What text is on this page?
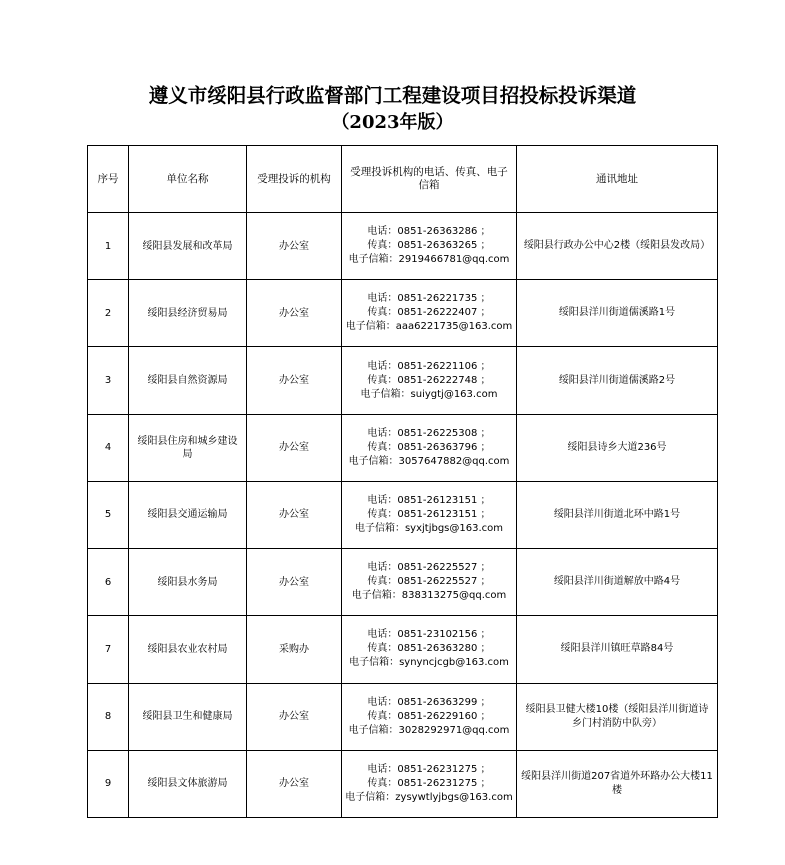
遵义市绥阳县行政监督部门工程建设项目招投标投诉渠道
（2023年版）
序号	单位名称	受理投诉的机构	受理投诉机构的电话、传真、电子信箱	通讯地址
1	绥阳县发展和改革局	办公室	电话：0851-26363286 ；
传真：0851-26363265 ；
电子信箱：2919466781@qq.com	绥阳县行政办公中心2楼（绥阳县发改局）
2	绥阳县经济贸易局	办公室	电话：0851-26221735 ；
传真：0851-26222407 ；
电子信箱：aaa6221735@163.com	绥阳县洋川街道儒溪路1号
3	绥阳县自然资源局	办公室	电话：0851-26221106 ；
传真：0851-26222748 ；
电子信箱：suiygtj@163.com	绥阳县洋川街道儒溪路2号
4	绥阳县住房和城乡建设局	办公室	电话：0851-26225308 ；
传真：0851-26363796 ；
电子信箱：3057647882@qq.com	绥阳县诗乡大道236号
5	绥阳县交通运输局	办公室	电话：0851-26123151 ；
传真：0851-26123151 ；
电子信箱：syxjtjbgs@163.com	绥阳县洋川街道北环中路1号
6	绥阳县水务局	办公室	电话：0851-26225527 ；
传真：0851-26225527 ；
电子信箱：838313275@qq.com	绥阳县洋川街道解放中路4号
7	绥阳县农业农村局	采购办	电话：0851-23102156 ；
传真：0851-26363280 ；
电子信箱：synyncjcgb@163.com	绥阳县洋川镇旺草路84号
8	绥阳县卫生和健康局	办公室	电话：0851-26363299 ；
传真：0851-26229160 ；
电子信箱：3028292971@qq.com	绥阳县卫健大楼10楼（绥阳县洋川街道诗乡门村消防中队旁）
9	绥阳县文体旅游局	办公室	电话：0851-26231275 ；
传真：0851-26231275 ；
电子信箱：zysywtlyjbgs@163.com	绥阳县洋川街道207省道外环路办公大楼11楼
